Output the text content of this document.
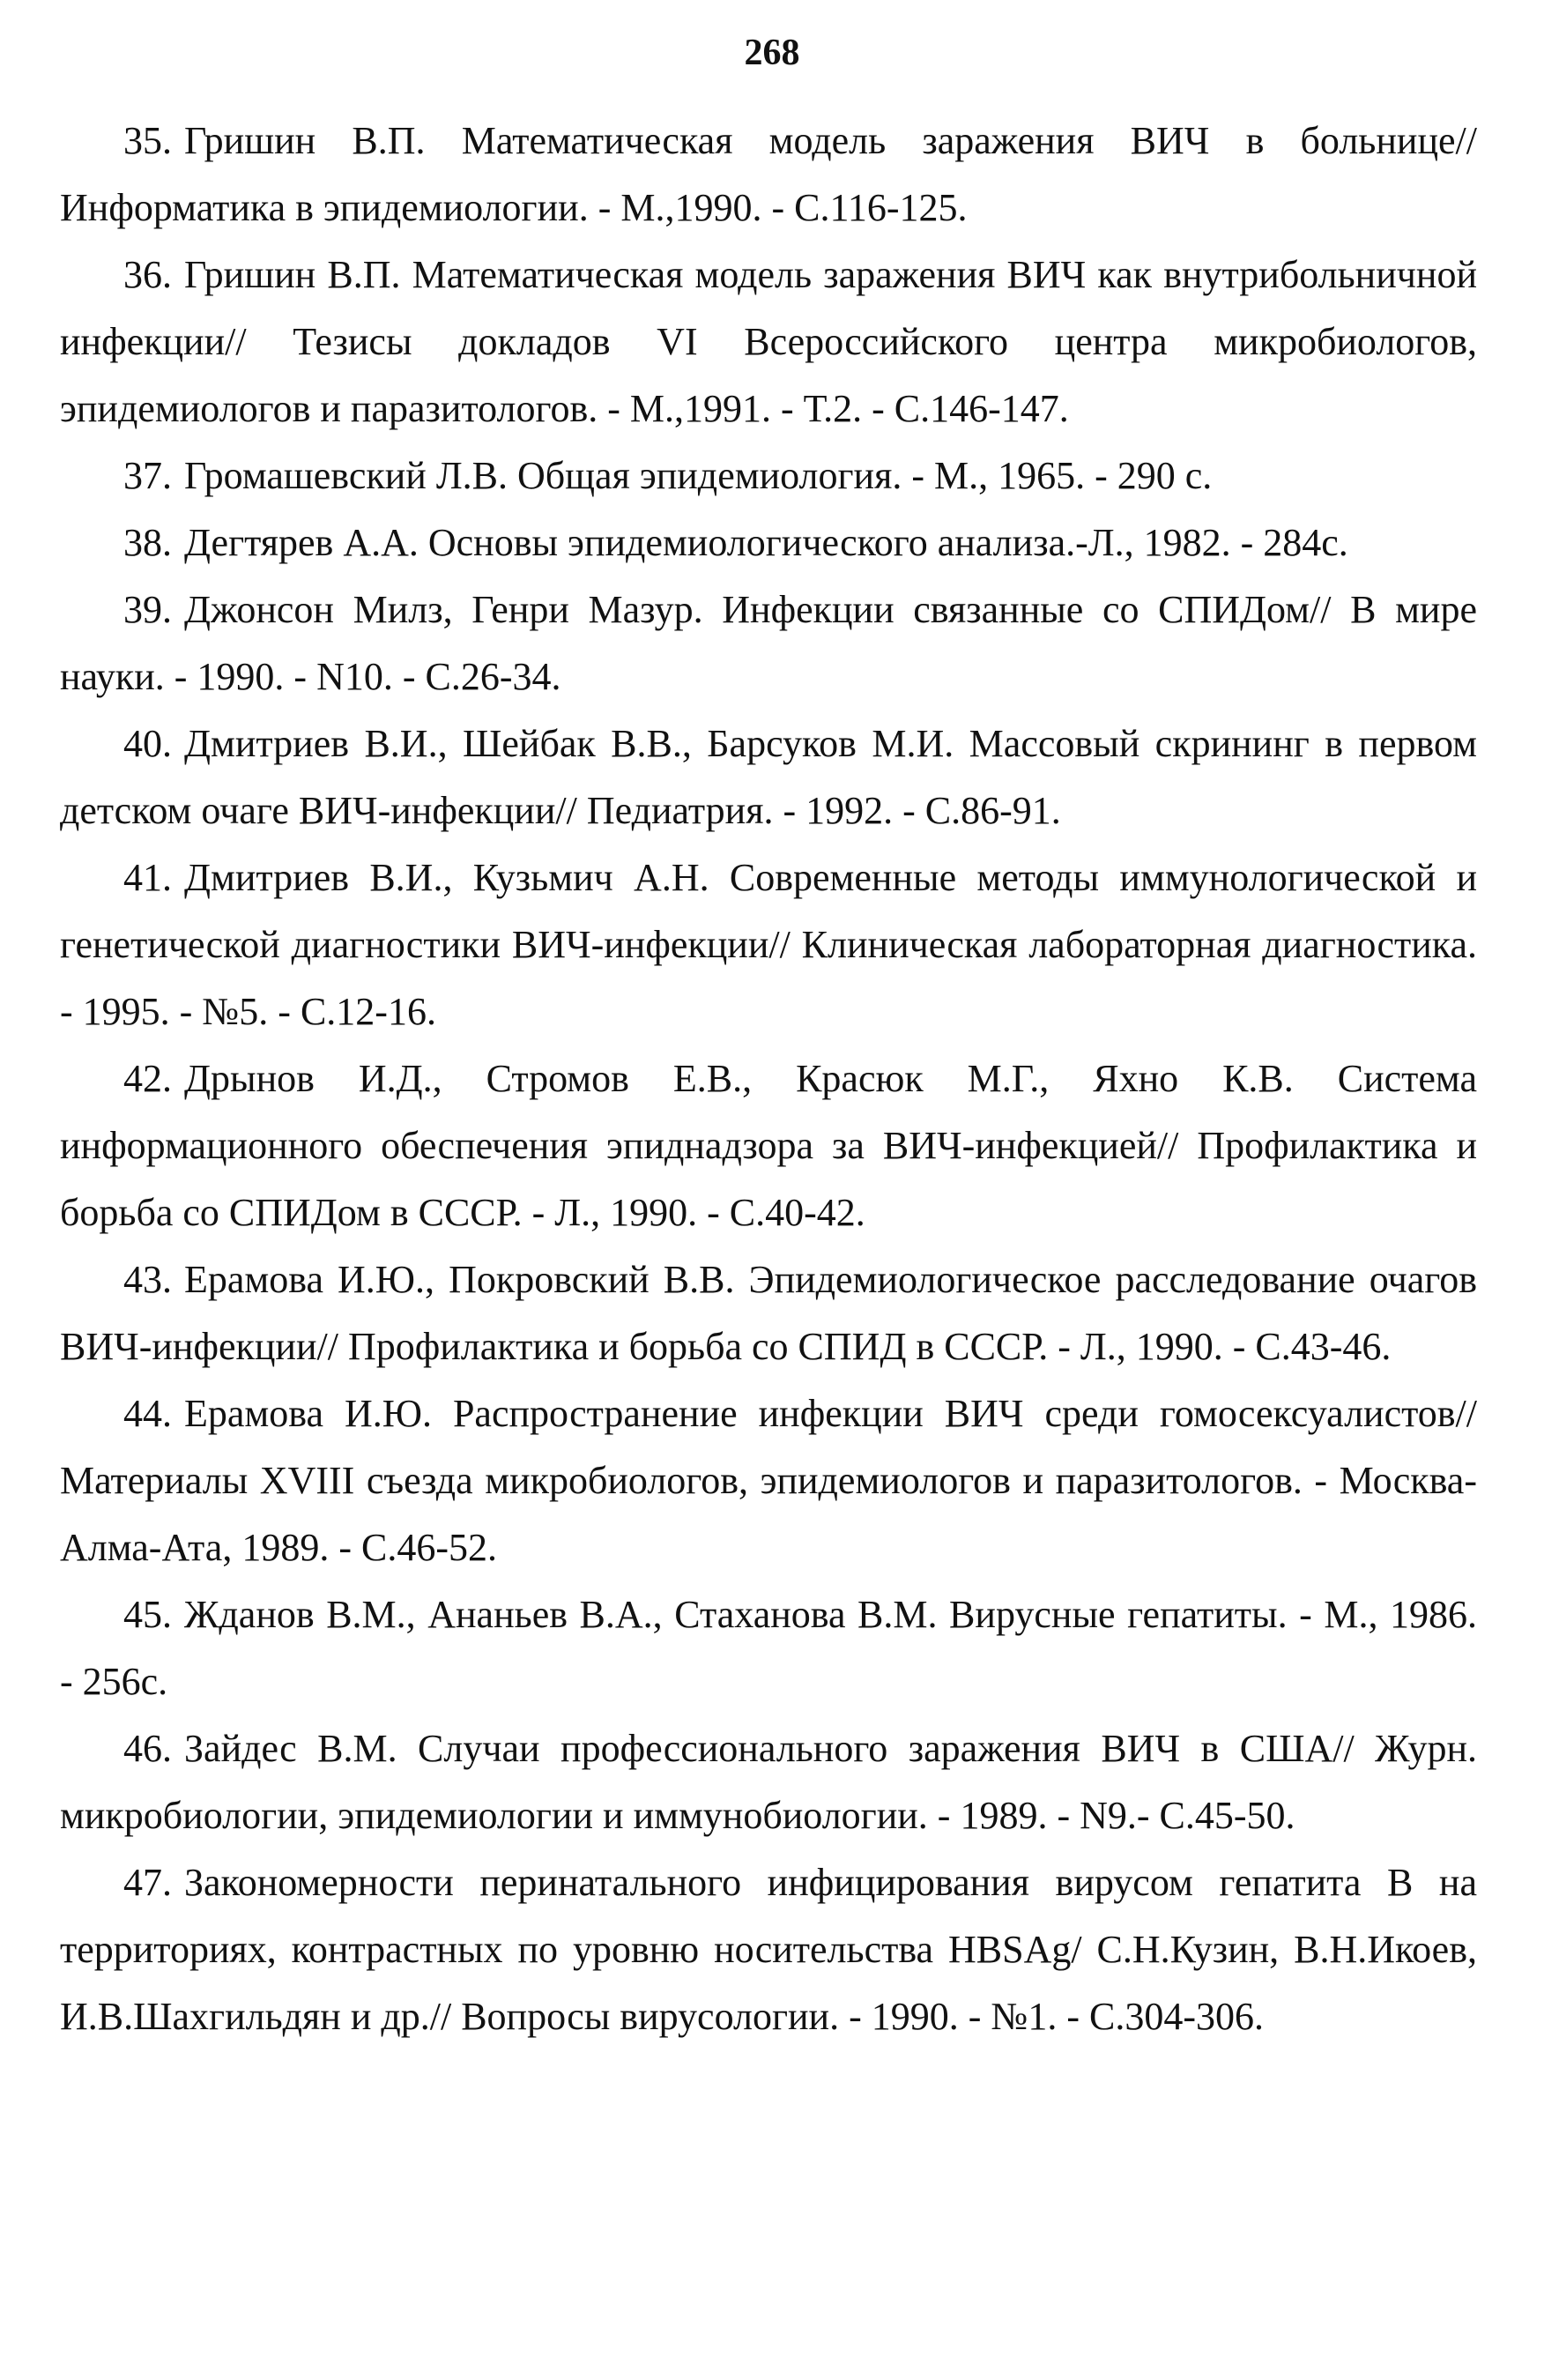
268

35. Гришин В.П. Математическая модель заражения ВИЧ в больнице// Информатика в эпидемиологии. - М.,1990. - С.116-125.

36. Гришин В.П. Математическая модель заражения ВИЧ как внутрибольничной инфекции// Тезисы докладов VI Всероссийского центра микробиологов, эпидемиологов и паразитологов. - М.,1991. - Т.2. - С.146-147.

37. Громашевский Л.В. Общая эпидемиология. - М., 1965. - 290 с.

38. Дегтярев А.А. Основы эпидемиологического анализа.-Л., 1982. - 284с.

39. Джонсон Милз, Генри Мазур. Инфекции связанные со СПИДом// В мире науки. - 1990. - N10. - С.26-34.

40. Дмитриев В.И., Шейбак В.В., Барсуков М.И. Массовый скрининг в первом детском очаге ВИЧ-инфекции// Педиатрия. - 1992. - С.86-91.

41. Дмитриев В.И., Кузьмич А.Н. Современные методы иммунологической и генетической диагностики ВИЧ-инфекции// Клиническая лабораторная диагностика. - 1995. - №5. - С.12-16.

42. Дрынов И.Д., Стромов Е.В., Красюк М.Г., Яхно К.В. Система информационного обеспечения эпиднадзора за ВИЧ-инфекцией// Профилактика и борьба со СПИДом в СССР. - Л., 1990. - С.40-42.

43. Ерамова И.Ю., Покровский В.В. Эпидемиологическое расследование очагов ВИЧ-инфекции// Профилактика и борьба со СПИД в СССР. - Л., 1990. - С.43-46.

44. Ерамова И.Ю. Распространение инфекции ВИЧ среди гомосексуалистов// Материалы XVIII съезда микробиологов, эпидемиологов и паразитологов. - Москва-Алма-Ата, 1989. - С.46-52.

45. Жданов В.М., Ананьев В.А., Стаханова В.М. Вирусные гепатиты. - М., 1986. - 256с.

46. Зайдес В.М. Случаи профессионального заражения ВИЧ в США// Журн. микробиологии, эпидемиологии и иммунобиологии. - 1989. - N9.- С.45-50.

47. Закономерности перинатального инфицирования вирусом гепатита В на территориях, контрастных по уровню носительства HBSAg/ С.Н.Кузин, В.Н.Икоев, И.В.Шахгильдян и др.// Вопросы вирусологии. - 1990. - №1. - С.304-306.
